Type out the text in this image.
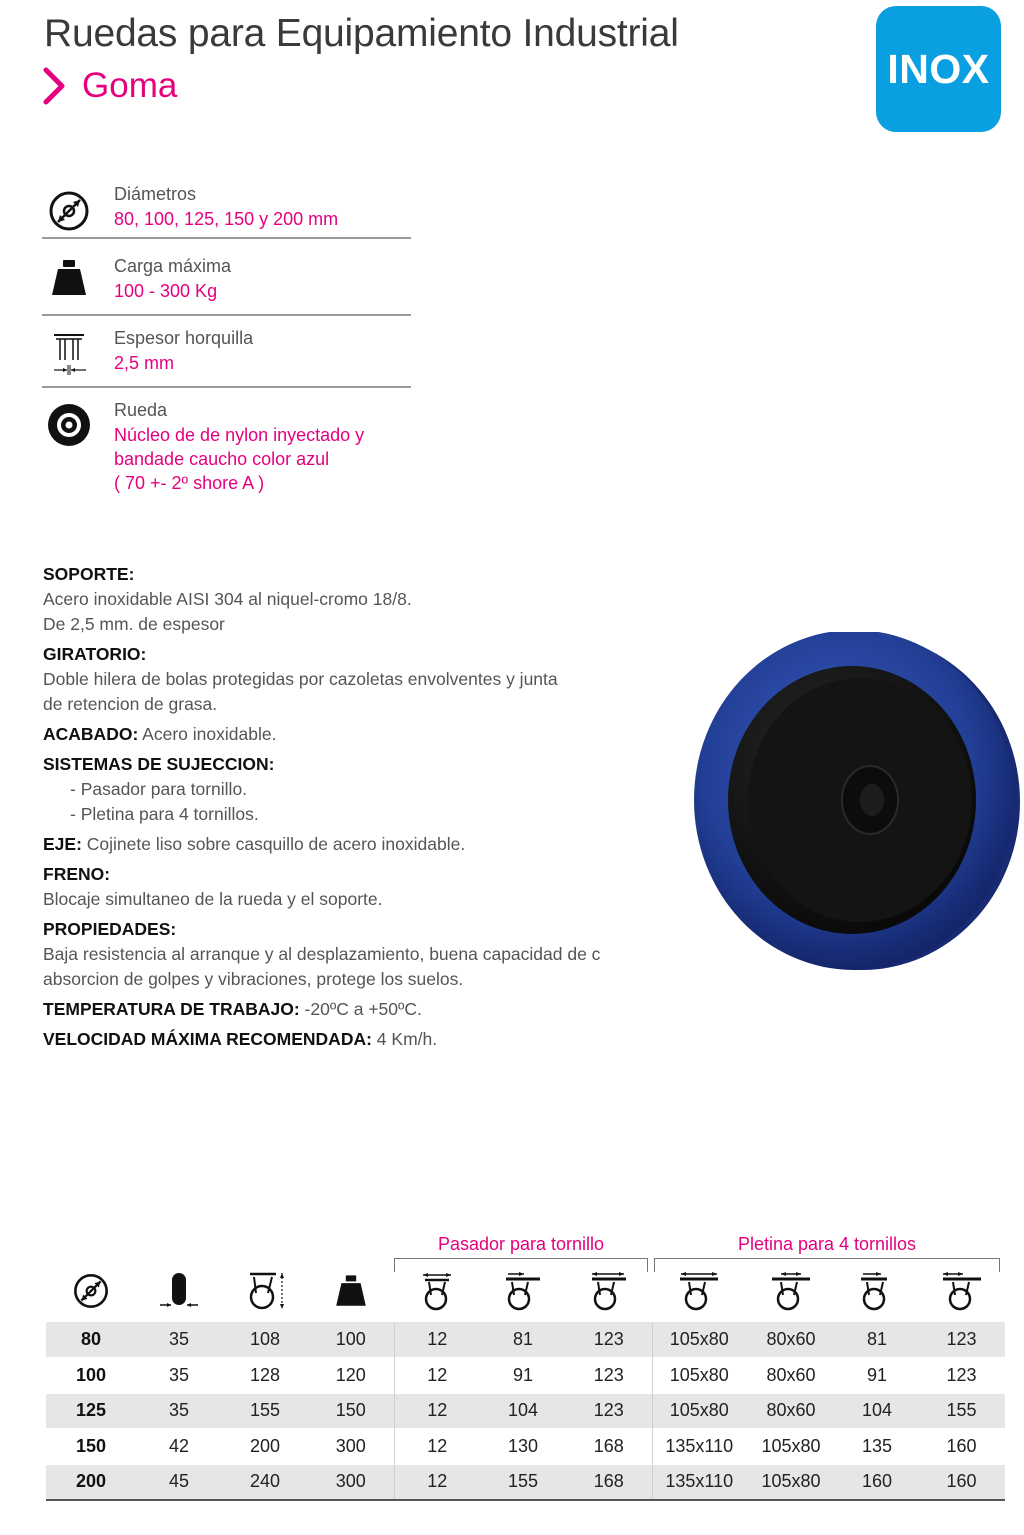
Ruedas para Equipamiento Industrial
Goma	INOX
Diámetros
80, 100, 125, 150 y 200 mm
Carga máxima
100 - 300 Kg
Espesor horquilla
2,5 mm
Rueda
Núcleo de de nylon inyectado y
bandade caucho color azul
( 70 +- 2º shore A )
SOPORTE:
Acero inoxidable AISI 304 al niquel-cromo 18/8.
De 2,5 mm. de espesor
GIRATORIO:
Doble hilera de bolas protegidas por cazoletas envolventes y junta
de retencion de grasa.
ACABADO: Acero inoxidable.
SISTEMAS DE SUJECCION:
- Pasador para tornillo.
- Pletina para 4 tornillos.
EJE: Cojinete liso sobre casquillo de acero inoxidable.
FRENO:
Blocaje simultaneo de la rueda y el soporte.
PROPIEDADES:
Baja resistencia al arranque y al desplazamiento, buena capacidad de c
absorcion de golpes y vibraciones, protege los suelos.
TEMPERATURA DE TRABAJO: -20ºC a +50ºC.
VELOCIDAD MÁXIMA RECOMENDADA: 4 Km/h.
Pasador para tornillo	Pletina para 4 tornillos
80	35	108	100	12	81	123	105x80	80x60	81	123
100	35	128	120	12	91	123	105x80	80x60	91	123
125	35	155	150	12	104	123	105x80	80x60	104	155
150	42	200	300	12	130	168	135x110	105x80	135	160
200	45	240	300	12	155	168	135x110	105x80	160	160
